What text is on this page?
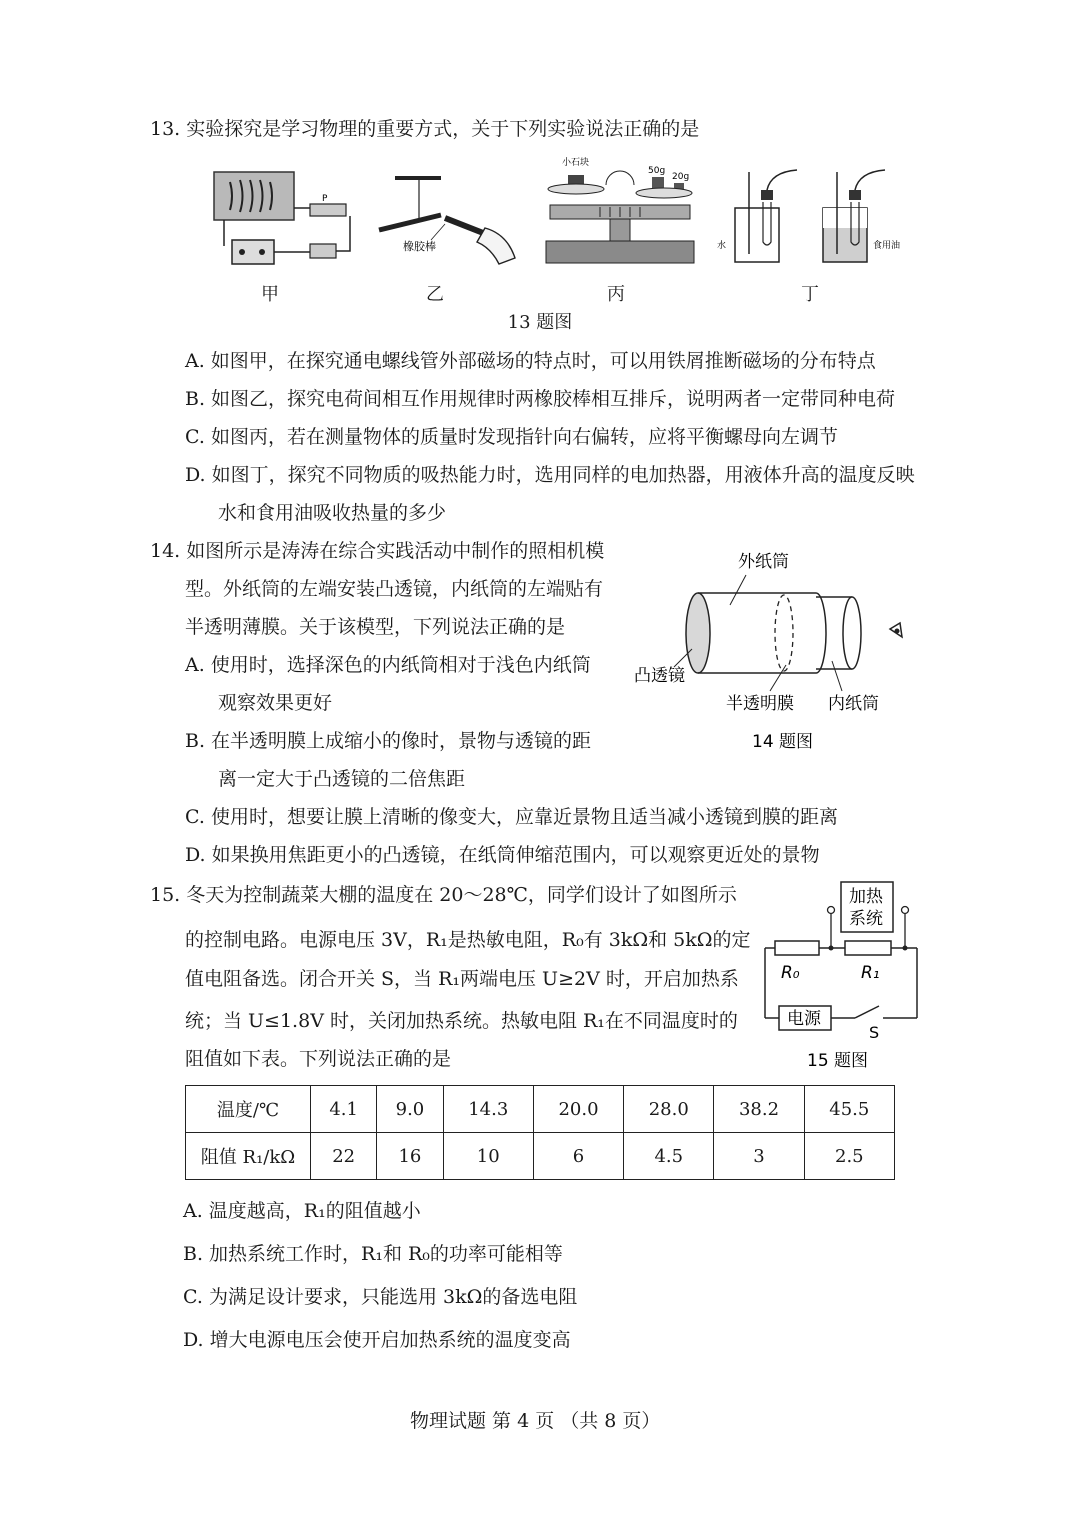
13. 实验探究是学习物理的重要方式，关于下列实验说法正确的是
P
甲
橡胶棒
乙
小石块
50g
20g
丙
水	食用油
丁
13 题图
A. 如图甲，在探究通电螺线管外部磁场的特点时，可以用铁屑推断磁场的分布特点
B. 如图乙，探究电荷间相互作用规律时两橡胶棒相互排斥，说明两者一定带同种电荷
C. 如图丙，若在测量物体的质量时发现指针向右偏转，应将平衡螺母向左调节
D. 如图丁，探究不同物质的吸热能力时，选用同样的电加热器，用液体升高的温度反映
水和食用油吸收热量的多少
14. 如图所示是涛涛在综合实践活动中制作的照相机模
型。外纸筒的左端安装凸透镜，内纸筒的左端贴有
半透明薄膜。关于该模型，下列说法正确的是
A. 使用时，选择深色的内纸筒相对于浅色内纸筒
观察效果更好
B. 在半透明膜上成缩小的像时，景物与透镜的距
离一定大于凸透镜的二倍焦距
C. 使用时，想要让膜上清晰的像变大，应靠近景物且适当减小透镜到膜的距离
D. 如果换用焦距更小的凸透镜，在纸筒伸缩范围内，可以观察更近处的景物
外纸筒
凸透镜
半透明膜 内纸筒
14 题图
15. 冬天为控制蔬菜大棚的温度在 20～28℃，同学们设计了如图所示
的控制电路。电源电压 3V，R₁是热敏电阻，R₀有 3kΩ和 5kΩ的定
值电阻备选。闭合开关 S，当 R₁两端电压 U≥2V 时，开启加热系
统；当 U≤1.8V 时，关闭加热系统。热敏电阻 R₁在不同温度时的
阻值如下表。下列说法正确的是
加热
系统
R₀	R₁
电源
S
15 题图
温度/℃	4.1	9.0	14.3	20.0	28.0	38.2	45.5
阻值 R₁/kΩ	22	16	10	6	4.5	3	2.5
A. 温度越高，R₁的阻值越小
B. 加热系统工作时，R₁和 R₀的功率可能相等
C. 为满足设计要求，只能选用 3kΩ的备选电阻
D. 增大电源电压会使开启加热系统的温度变高
物理试题 第 4 页 （共 8 页）
